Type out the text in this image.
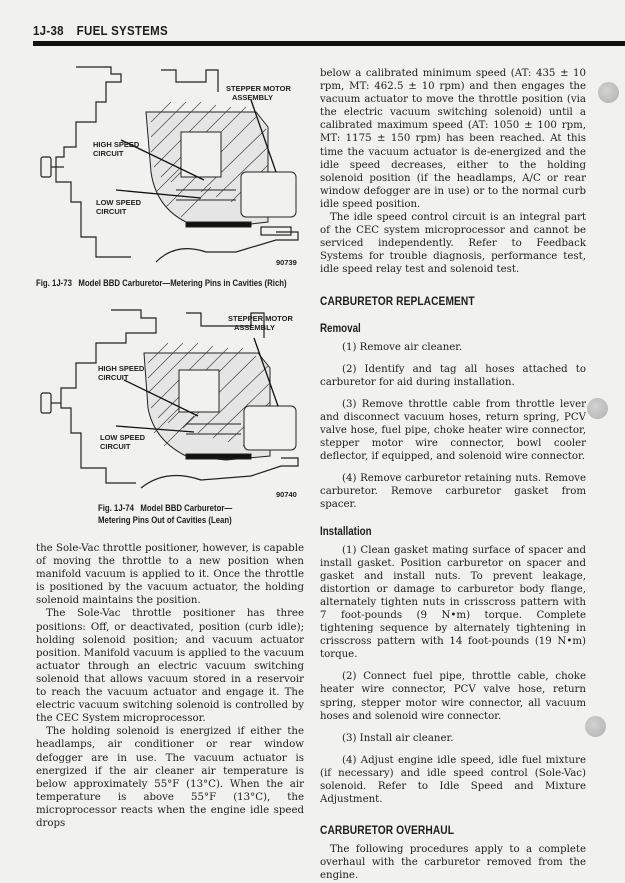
1J-38 FUEL SYSTEMS
STEPPER MOTOR
ASSEMBLY
HIGH SPEED
CIRCUIT
LOW SPEED
CIRCUIT
90739
Fig. 1J-73 Model BBD Carburetor—Metering Pins in Cavities (Rich)
STEPPER MOTOR
ASSEMBLY
HIGH SPEED
CIRCUIT
LOW SPEED
CIRCUIT
90740
Fig. 1J-74 Model BBD Carburetor—
Metering Pins Out of Cavities (Lean)

the Sole-Vac throttle positioner, however, is capable of moving the throttle to a new position when manifold vacuum is applied to it. Once the throttle is positioned by the vacuum actuator, the holding solenoid maintains the position.

The Sole-Vac throttle positioner has three positions: Off, or deactivated, position (curb idle); holding solenoid position; and vacuum actuator position. Manifold vacuum is applied to the vacuum actuator through an electric vacuum switching solenoid that allows vacuum stored in a reservoir to reach the vacuum actuator and engage it. The electric vacuum switching solenoid is controlled by the CEC System microprocessor.

The holding solenoid is energized if either the headlamps, air conditioner or rear window defogger are in use. The vacuum actuator is energized if the air cleaner air temperature is below approximately 55°F (13°C). When the air temperature is above 55°F (13°C), the microprocessor reacts when the engine idle speed drops

below a calibrated minimum speed (AT: 435 ± 10 rpm, MT: 462.5 ± 10 rpm) and then engages the vacuum actuator to move the throttle position (via the electric vacuum switching solenoid) until a calibrated maximum speed (AT: 1050 ± 100 rpm, MT: 1175 ± 150 rpm) has been reached. At this time the vacuum actuator is de-energized and the idle speed decreases, either to the holding solenoid position (if the headlamps, A/C or rear window defogger are in use) or to the normal curb idle speed position.

The idle speed control circuit is an integral part of the CEC system microprocessor and cannot be serviced independently. Refer to Feedback Systems for trouble diagnosis, performance test, idle speed relay test and solenoid test.

CARBURETOR REPLACEMENT
Removal

(1) Remove air cleaner.

(2) Identify and tag all hoses attached to carburetor for aid during installation.

(3) Remove throttle cable from throttle lever and disconnect vacuum hoses, return spring, PCV valve hose, fuel pipe, choke heater wire connector, stepper motor wire connector, bowl cooler deflector, if equipped, and solenoid wire connector.

(4) Remove carburetor retaining nuts. Remove carburetor. Remove carburetor gasket from spacer.

Installation

(1) Clean gasket mating surface of spacer and install gasket. Position carburetor on spacer and gasket and install nuts. To prevent leakage, distortion or damage to carburetor body flange, alternately tighten nuts in crisscross pattern with 7 foot-pounds (9 N•m) torque. Complete tightening sequence by alternately tightening in crisscross pattern with 14 foot-pounds (19 N•m) torque.

(2) Connect fuel pipe, throttle cable, choke heater wire connector, PCV valve hose, return spring, stepper motor wire connector, all vacuum hoses and solenoid wire connector.

(3) Install air cleaner.

(4) Adjust engine idle speed, idle fuel mixture (if necessary) and idle speed control (Sole-Vac) solenoid. Refer to Idle Speed and Mixture Adjustment.

CARBURETOR OVERHAUL

The following procedures apply to a complete overhaul with the carburetor removed from the engine.
